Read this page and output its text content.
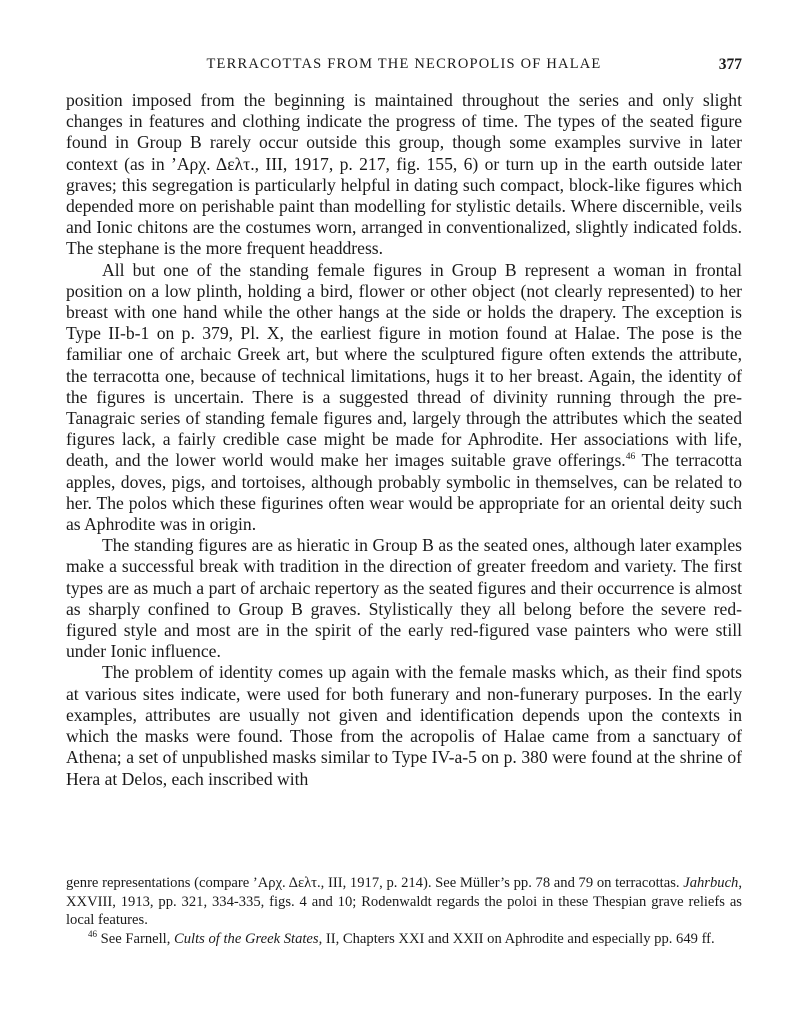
TERRACOTTAS FROM THE NECROPOLIS OF HALAE	377

position imposed from the beginning is maintained throughout the series and only slight changes in features and clothing indicate the progress of time. The types of the seated figure found in Group B rarely occur outside this group, though some examples survive in later context (as in ’Αρχ. Δελτ., III, 1917, p. 217, fig. 155, 6) or turn up in the earth outside later graves; this segregation is particularly helpful in dating such compact, block-like figures which depended more on perishable paint than modelling for stylistic details. Where discernible, veils and Ionic chitons are the costumes worn, arranged in conventionalized, slightly indicated folds. The stephane is the more frequent headdress.

All but one of the standing female figures in Group B represent a woman in frontal position on a low plinth, holding a bird, flower or other object (not clearly represented) to her breast with one hand while the other hangs at the side or holds the drapery. The exception is Type II-b-1 on p. 379, Pl. X, the earliest figure in motion found at Halae. The pose is the familiar one of archaic Greek art, but where the sculptured figure often extends the attribute, the terracotta one, because of technical limitations, hugs it to her breast. Again, the identity of the figures is uncertain. There is a suggested thread of divinity running through the pre-Tanagraic series of standing female figures and, largely through the attributes which the seated figures lack, a fairly credible case might be made for Aphrodite. Her associations with life, death, and the lower world would make her images suitable grave offerings.$^{46}$ The terracotta apples, doves, pigs, and tortoises, although probably symbolic in themselves, can be related to her. The polos which these figurines often wear would be appropriate for an oriental deity such as Aphrodite was in origin.

The standing figures are as hieratic in Group B as the seated ones, although later examples make a successful break with tradition in the direction of greater freedom and variety. The first types are as much a part of archaic repertory as the seated figures and their occurrence is almost as sharply confined to Group B graves. Stylistically they all belong before the severe red-figured style and most are in the spirit of the early red-figured vase painters who were still under Ionic influence.

The problem of identity comes up again with the female masks which, as their find spots at various sites indicate, were used for both funerary and non-funerary purposes. In the early examples, attributes are usually not given and identification depends upon the contexts in which the masks were found. Those from the acropolis of Halae came from a sanctuary of Athena; a set of unpublished masks similar to Type IV-a-5 on p. 380 were found at the shrine of Hera at Delos, each inscribed with

genre representations (compare ’Αρχ. Δελτ., III, 1917, p. 214). See Müller’s pp. 78 and 79 on terracottas. Jahrbuch, XXVIII, 1913, pp. 321, 334-335, figs. 4 and 10; Rodenwaldt regards the poloi in these Thespian grave reliefs as local features.

$^{46}$ See Farnell, Cults of the Greek States, II, Chapters XXI and XXII on Aphrodite and especially pp. 649 ff.
